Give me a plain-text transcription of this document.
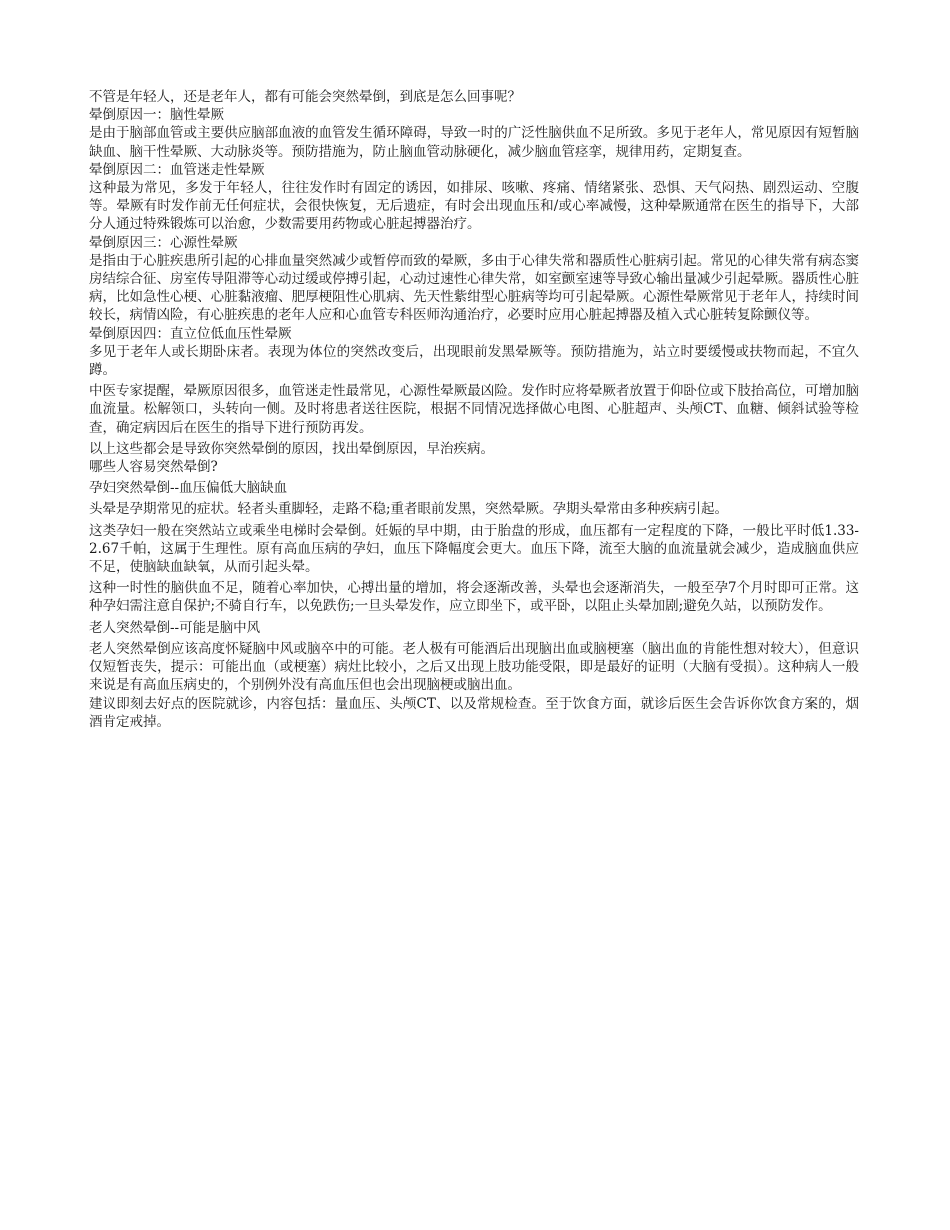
不管是年轻人，还是老年人，都有可能会突然晕倒，到底是怎么回事呢？

晕倒原因一：脑性晕厥

是由于脑部血管或主要供应脑部血液的血管发生循环障碍，导致一时的广泛性脑供血不足所致。多见于老年人，常见原因有短暂脑缺血、脑干性晕厥、大动脉炎等。预防措施为，防止脑血管动脉硬化，减少脑血管痉挛，规律用药，定期复查。

晕倒原因二：血管迷走性晕厥

这种最为常见，多发于年轻人，往往发作时有固定的诱因，如排尿、咳嗽、疼痛、情绪紧张、恐惧、天气闷热、剧烈运动、空腹等。晕厥有时发作前无任何症状，会很快恢复，无后遗症，有时会出现血压和/或心率减慢，这种晕厥通常在医生的指导下，大部分人通过特殊锻炼可以治愈，少数需要用药物或心脏起搏器治疗。

晕倒原因三：心源性晕厥

是指由于心脏疾患所引起的心排血量突然减少或暂停而致的晕厥，多由于心律失常和器质性心脏病引起。常见的心律失常有病态窦房结综合征、房室传导阻滞等心动过缓或停搏引起，心动过速性心律失常，如室颤室速等导致心输出量减少引起晕厥。器质性心脏病，比如急性心梗、心脏黏液瘤、肥厚梗阻性心肌病、先天性紫绀型心脏病等均可引起晕厥。心源性晕厥常见于老年人，持续时间较长，病情凶险，有心脏疾患的老年人应和心血管专科医师沟通治疗，必要时应用心脏起搏器及植入式心脏转复除颤仪等。

晕倒原因四：直立位低血压性晕厥

多见于老年人或长期卧床者。表现为体位的突然改变后，出现眼前发黑晕厥等。预防措施为，站立时要缓慢或扶物而起，不宜久蹲。

中医专家提醒，晕厥原因很多，血管迷走性最常见，心源性晕厥最凶险。发作时应将晕厥者放置于仰卧位或下肢抬高位，可增加脑血流量。松解领口，头转向一侧。及时将患者送往医院，根据不同情况选择做心电图、心脏超声、头颅CT、血糖、倾斜试验等检查，确定病因后在医生的指导下进行预防再发。

以上这些都会是导致你突然晕倒的原因，找出晕倒原因，早治疾病。

哪些人容易突然晕倒?

孕妇突然晕倒--血压偏低大脑缺血

头晕是孕期常见的症状。轻者头重脚轻，走路不稳;重者眼前发黑，突然晕厥。孕期头晕常由多种疾病引起。

这类孕妇一般在突然站立或乘坐电梯时会晕倒。妊娠的早中期，由于胎盘的形成，血压都有一定程度的下降，一般比平时低1.33-2.67千帕，这属于生理性。原有高血压病的孕妇，血压下降幅度会更大。血压下降，流至大脑的血流量就会减少，造成脑血供应不足，使脑缺血缺氧，从而引起头晕。

这种一时性的脑供血不足，随着心率加快，心搏出量的增加，将会逐渐改善，头晕也会逐渐消失，一般至孕7个月时即可正常。这种孕妇需注意自保护;不骑自行车，以免跌伤;一旦头晕发作，应立即坐下，或平卧，以阻止头晕加剧;避免久站，以预防发作。

老人突然晕倒--可能是脑中风

老人突然晕倒应该高度怀疑脑中风或脑卒中的可能。老人极有可能酒后出现脑出血或脑梗塞（脑出血的肯能性想对较大），但意识仅短暂丧失，提示：可能出血（或梗塞）病灶比较小，之后又出现上肢功能受限，即是最好的证明（大脑有受损）。这种病人一般来说是有高血压病史的，个别例外没有高血压但也会出现脑梗或脑出血。

建议即刻去好点的医院就诊，内容包括：量血压、头颅CT、以及常规检查。至于饮食方面，就诊后医生会告诉你饮食方案的，烟酒肯定戒掉。
